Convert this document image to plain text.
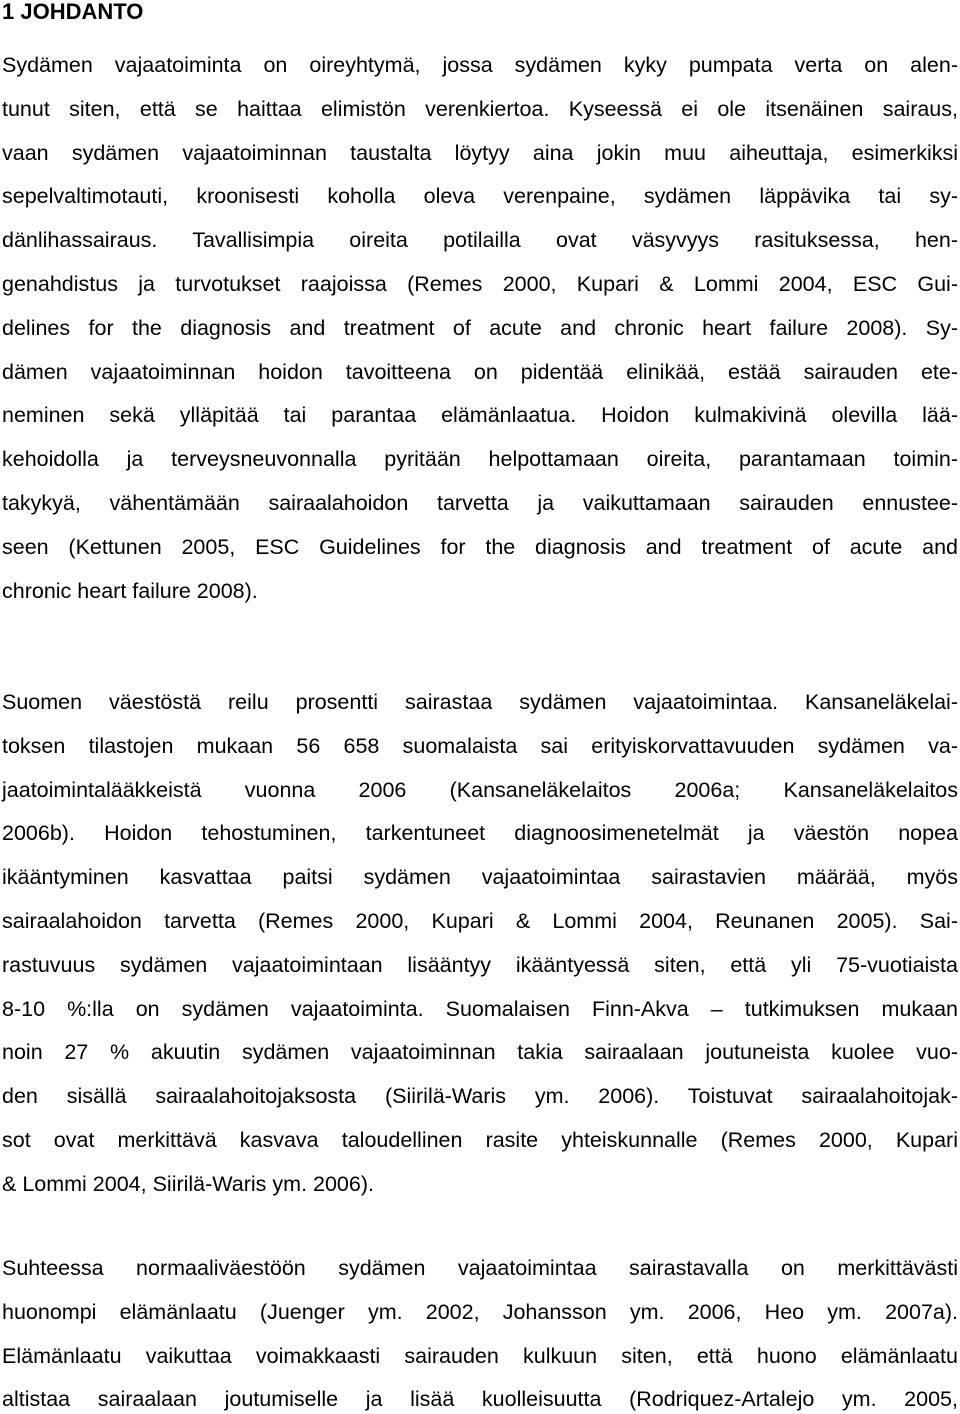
1 JOHDANTO
Sydämen vajaatoiminta on oireyhtymä, jossa sydämen kyky pumpata verta on alen-
tunut siten, että se haittaa elimistön verenkiertoa. Kyseessä ei ole itsenäinen sairaus,
vaan sydämen vajaatoiminnan taustalta löytyy aina jokin muu aiheuttaja, esimerkiksi
sepelvaltimotauti, kroonisesti koholla oleva verenpaine, sydämen läppävika tai sy-
dänlihassairaus. Tavallisimpia oireita potilailla ovat väsyvyys rasituksessa, hen-
genahdistus ja turvotukset raajoissa (Remes 2000, Kupari & Lommi 2004, ESC Gui-
delines for the diagnosis and treatment of acute and chronic heart failure 2008). Sy-
dämen vajaatoiminnan hoidon tavoitteena on pidentää elinikää, estää sairauden ete-
neminen sekä ylläpitää tai parantaa elämänlaatua. Hoidon kulmakivinä olevilla lää-
kehoidolla ja terveysneuvonnalla pyritään helpottamaan oireita, parantamaan toimin-
takykyä, vähentämään sairaalahoidon tarvetta ja vaikuttamaan sairauden ennustee-
seen (Kettunen 2005, ESC Guidelines for the diagnosis and treatment of acute and
chronic heart failure 2008).
Suomen väestöstä reilu prosentti sairastaa sydämen vajaatoimintaa. Kansaneläkelai-
toksen tilastojen mukaan 56 658 suomalaista sai erityiskorvattavuuden sydämen va-
jaatoimintalääkkeistä vuonna 2006 (Kansaneläkelaitos 2006a; Kansaneläkelaitos
2006b). Hoidon tehostuminen, tarkentuneet diagnoosimenetelmät ja väestön nopea
ikääntyminen kasvattaa paitsi sydämen vajaatoimintaa sairastavien määrää, myös
sairaalahoidon tarvetta (Remes 2000, Kupari & Lommi 2004, Reunanen 2005). Sai-
rastuvuus sydämen vajaatoimintaan lisääntyy ikääntyessä siten, että yli 75-vuotiaista
8-10 %:lla on sydämen vajaatoiminta. Suomalaisen Finn-Akva – tutkimuksen mukaan
noin 27 % akuutin sydämen vajaatoiminnan takia sairaalaan joutuneista kuolee vuo-
den sisällä sairaalahoitojaksosta (Siirilä-Waris ym. 2006). Toistuvat sairaalahoitojak-
sot ovat merkittävä kasvava taloudellinen rasite yhteiskunnalle (Remes 2000, Kupari
& Lommi 2004, Siirilä-Waris ym. 2006).
Suhteessa normaaliväestöön sydämen vajaatoimintaa sairastavalla on merkittävästi
huonompi elämänlaatu (Juenger ym. 2002, Johansson ym. 2006, Heo ym. 2007a).
Elämänlaatu vaikuttaa voimakkaasti sairauden kulkuun siten, että huono elämänlaatu
altistaa sairaalaan joutumiselle ja lisää kuolleisuutta (Rodriquez-Artalejo ym. 2005,
